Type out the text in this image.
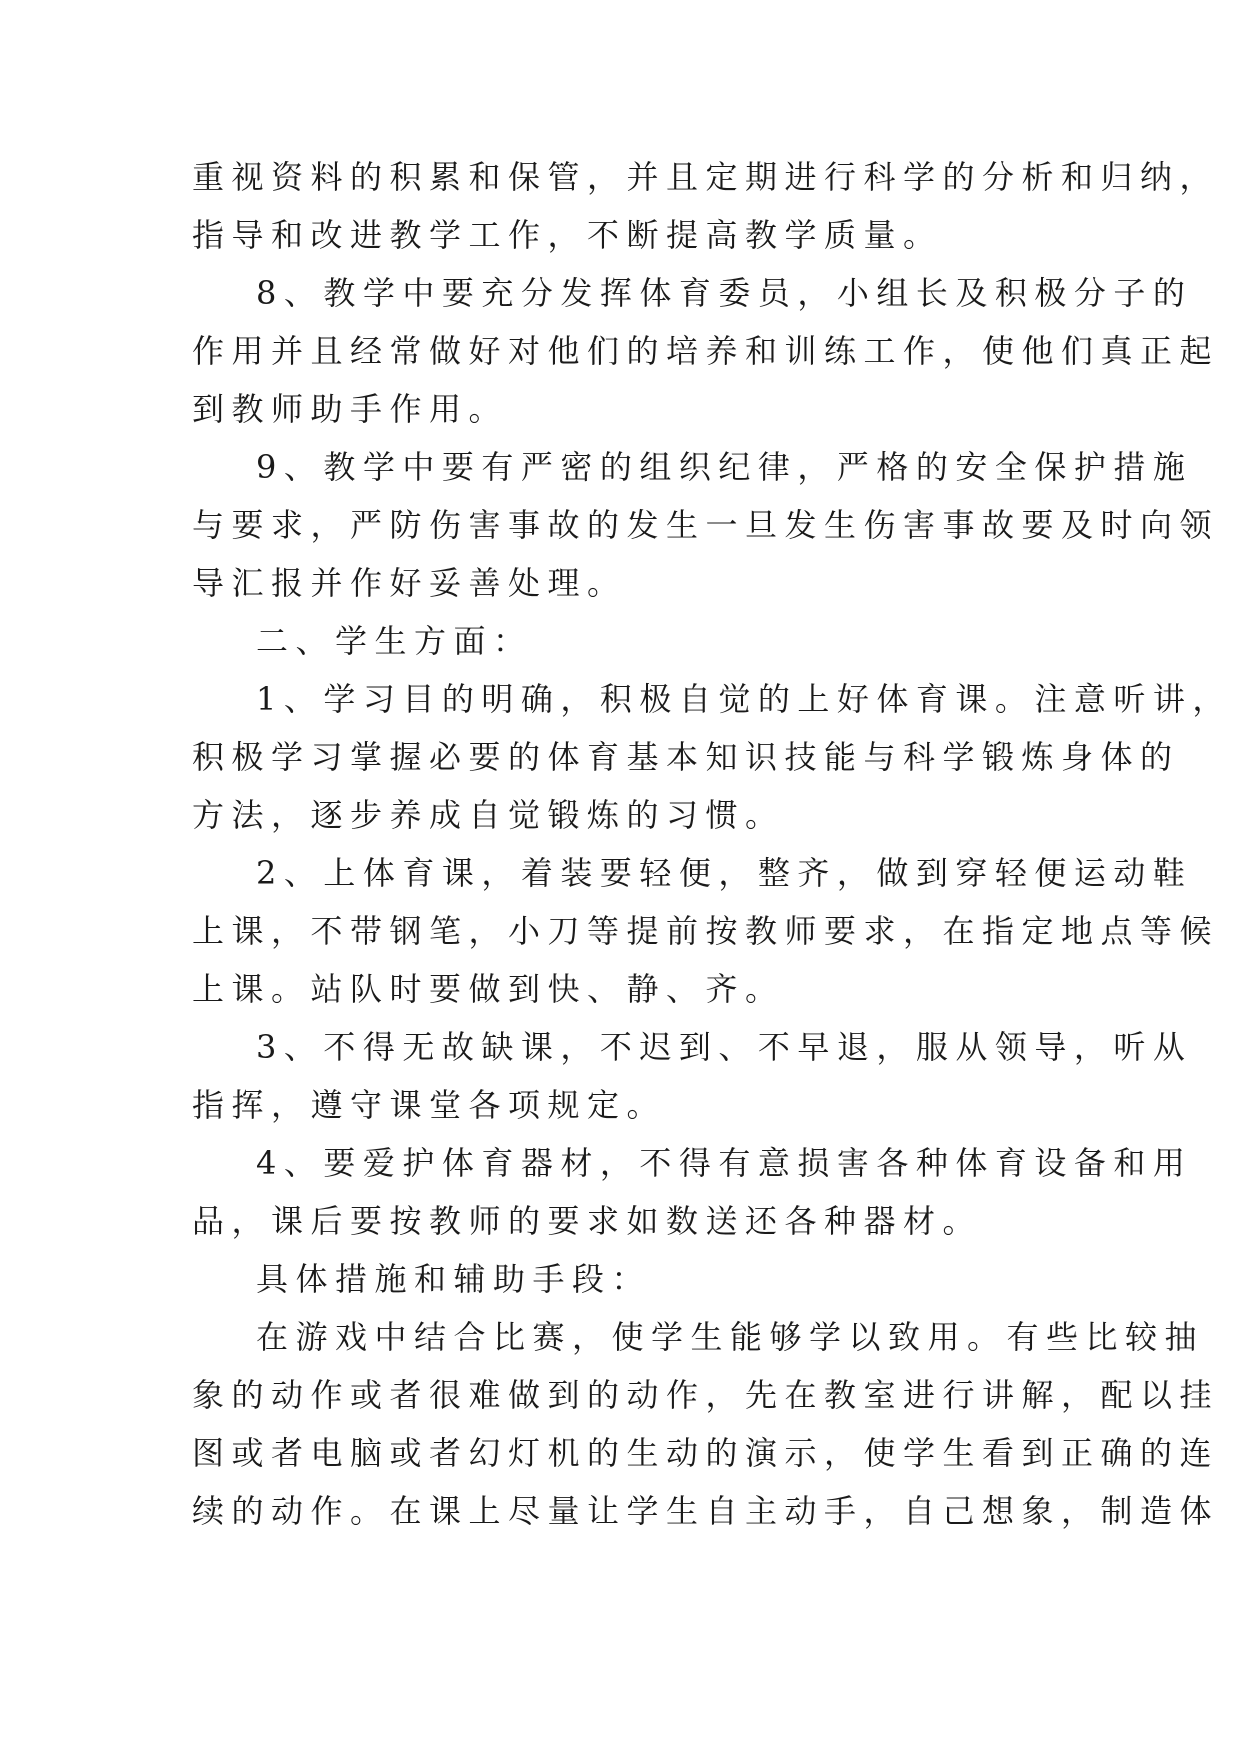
重视资料的积累和保管，并且定期进行科学的分析和归纳，
指导和改进教学工作，不断提高教学质量。
8、教学中要充分发挥体育委员，小组长及积极分子的
作用并且经常做好对他们的培养和训练工作，使他们真正起
到教师助手作用。
9、教学中要有严密的组织纪律，严格的安全保护措施
与要求，严防伤害事故的发生一旦发生伤害事故要及时向领
导汇报并作好妥善处理。
二、学生方面：
1、学习目的明确，积极自觉的上好体育课。注意听讲，
积极学习掌握必要的体育基本知识技能与科学锻炼身体的
方法，逐步养成自觉锻炼的习惯。
2、上体育课，着装要轻便，整齐，做到穿轻便运动鞋
上课，不带钢笔，小刀等提前按教师要求，在指定地点等候
上课。站队时要做到快、静、齐。
3、不得无故缺课，不迟到、不早退，服从领导，听从
指挥，遵守课堂各项规定。
4、要爱护体育器材，不得有意损害各种体育设备和用
品，课后要按教师的要求如数送还各种器材。
具体措施和辅助手段：
在游戏中结合比赛，使学生能够学以致用。有些比较抽
象的动作或者很难做到的动作，先在教室进行讲解，配以挂
图或者电脑或者幻灯机的生动的演示，使学生看到正确的连
续的动作。在课上尽量让学生自主动手，自己想象，制造体
